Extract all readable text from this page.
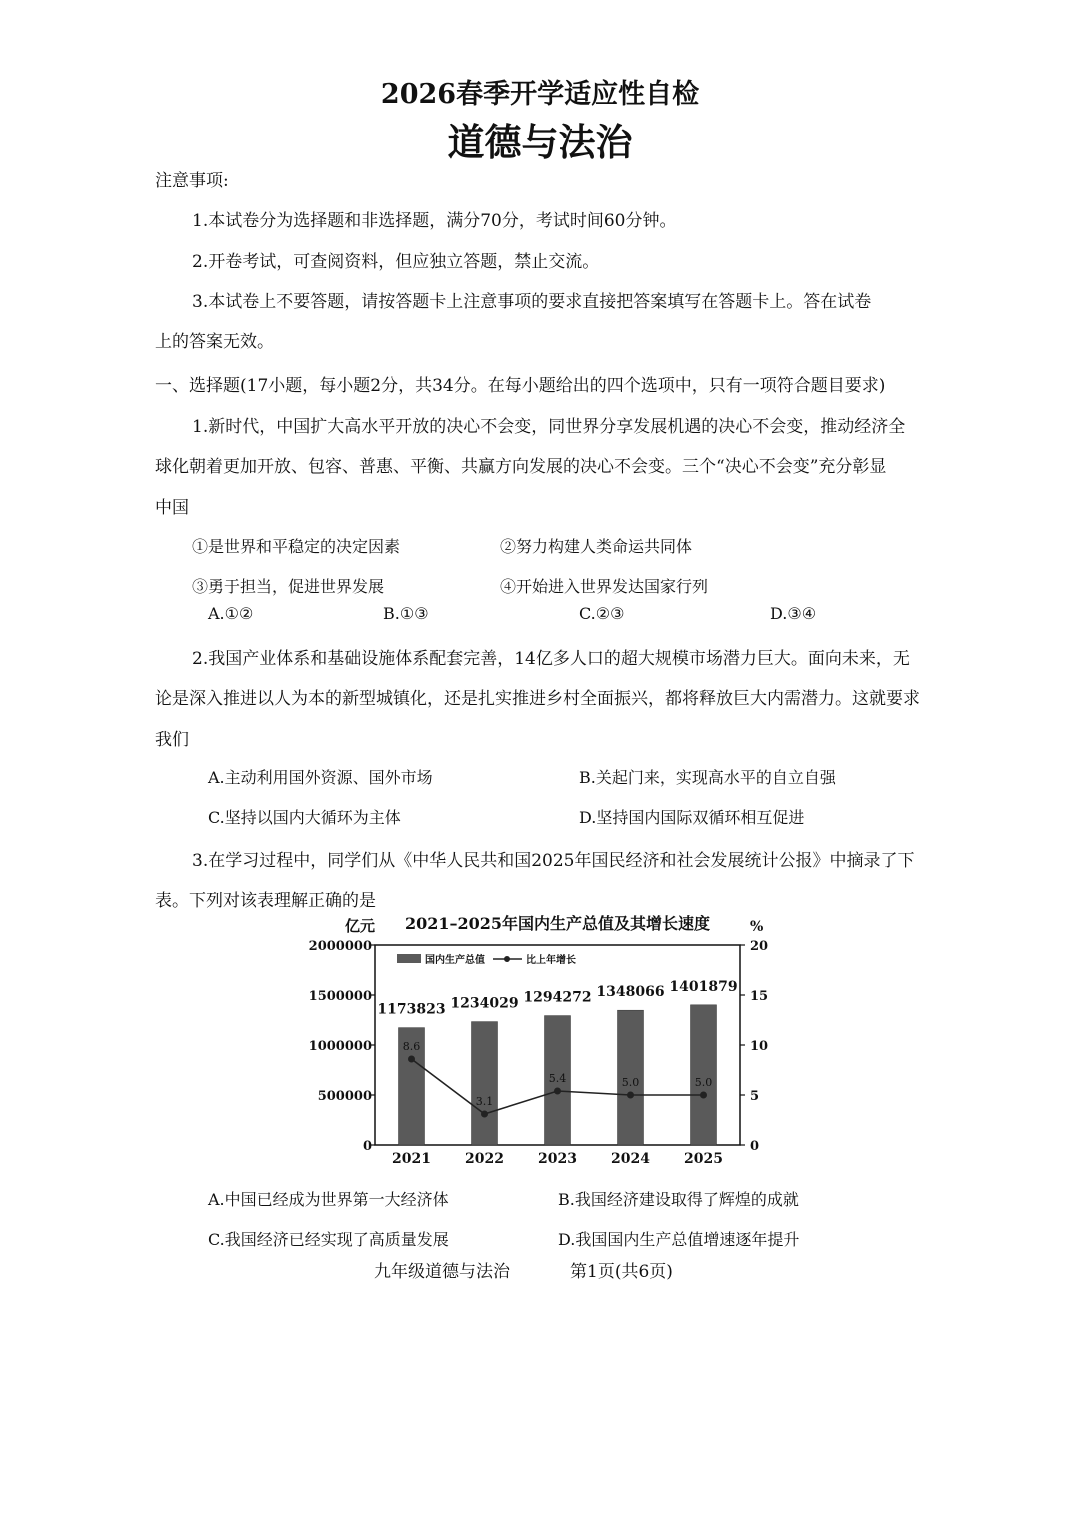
2026春季开学适应性自检
道德与法治
注意事项:
1.本试卷分为选择题和非选择题，满分70分，考试时间60分钟。
2.开卷考试，可查阅资料，但应独立答题，禁止交流。
3.本试卷上不要答题，请按答题卡上注意事项的要求直接把答案填写在答题卡上。答在试卷
上的答案无效。
一、选择题(17小题，每小题2分，共34分。在每小题给出的四个选项中，只有一项符合题目要求)
1.新时代，中国扩大高水平开放的决心不会变，同世界分享发展机遇的决心不会变，推动经济全
球化朝着更加开放、包容、普惠、平衡、共赢方向发展的决心不会变。三个“决心不会变”充分彰显
中国
①是世界和平稳定的决定因素	②努力构建人类命运共同体
③勇于担当，促进世界发展	④开始进入世界发达国家行列
A.①②	B.①③	C.②③	D.③④
2.我国产业体系和基础设施体系配套完善，14亿多人口的超大规模市场潜力巨大。面向未来，无
论是深入推进以人为本的新型城镇化，还是扎实推进乡村全面振兴，都将释放巨大内需潜力。这就要求
我们
A.主动利用国外资源、国外市场	B.关起门来，实现高水平的自立自强
C.坚持以国内大循环为主体	D.坚持国内国际双循环相互促进
3.在学习过程中，同学们从《中华人民共和国2025年国民经济和社会发展统计公报》中摘录了下
表。下列对该表理解正确的是
2021–2025年国内生产总值及其增长速度
亿元	%
0
500000
1000000
1500000
2000000
0
5
10
15
20
国内生产总值	比上年增长
1173823 1234029 1294272 1348066 1401879
2021 2022 2023 2024 2025
8.6
3.1
5.4	5.0	5.0
A.中国已经成为世界第一大经济体	B.我国经济建设取得了辉煌的成就
C.我国经济已经实现了高质量发展	D.我国国内生产总值增速逐年提升
九年级道德与法治	第1页(共6页)
